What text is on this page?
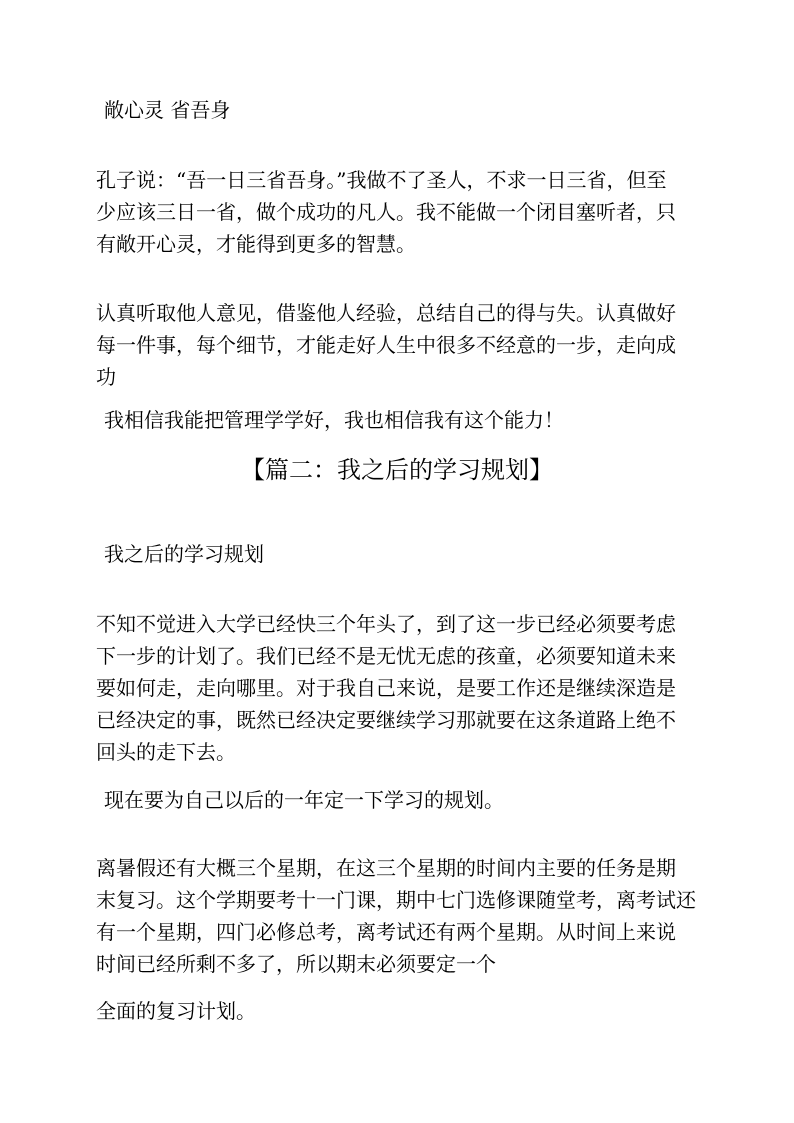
敞心灵 省吾身

孔子说：“吾一日三省吾身。”我做不了圣人，不求一日三省，但至
少应该三日一省，做个成功的凡人。我不能做一个闭目塞听者，只
有敞开心灵，才能得到更多的智慧。

认真听取他人意见，借鉴他人经验，总结自己的得与失。认真做好
每一件事，每个细节，才能走好人生中很多不经意的一步，走向成
功

我相信我能把管理学学好，我也相信我有这个能力！

【篇二：我之后的学习规划】

我之后的学习规划

不知不觉进入大学已经快三个年头了，到了这一步已经必须要考虑
下一步的计划了。我们已经不是无忧无虑的孩童，必须要知道未来
要如何走，走向哪里。对于我自己来说，是要工作还是继续深造是
已经决定的事，既然已经决定要继续学习那就要在这条道路上绝不
回头的走下去。

现在要为自己以后的一年定一下学习的规划。

离暑假还有大概三个星期，在这三个星期的时间内主要的任务是期
末复习。这个学期要考十一门课，期中七门选修课随堂考，离考试还
有一个星期，四门必修总考，离考试还有两个星期。从时间上来说
时间已经所剩不多了，所以期末必须要定一个

全面的复习计划。
